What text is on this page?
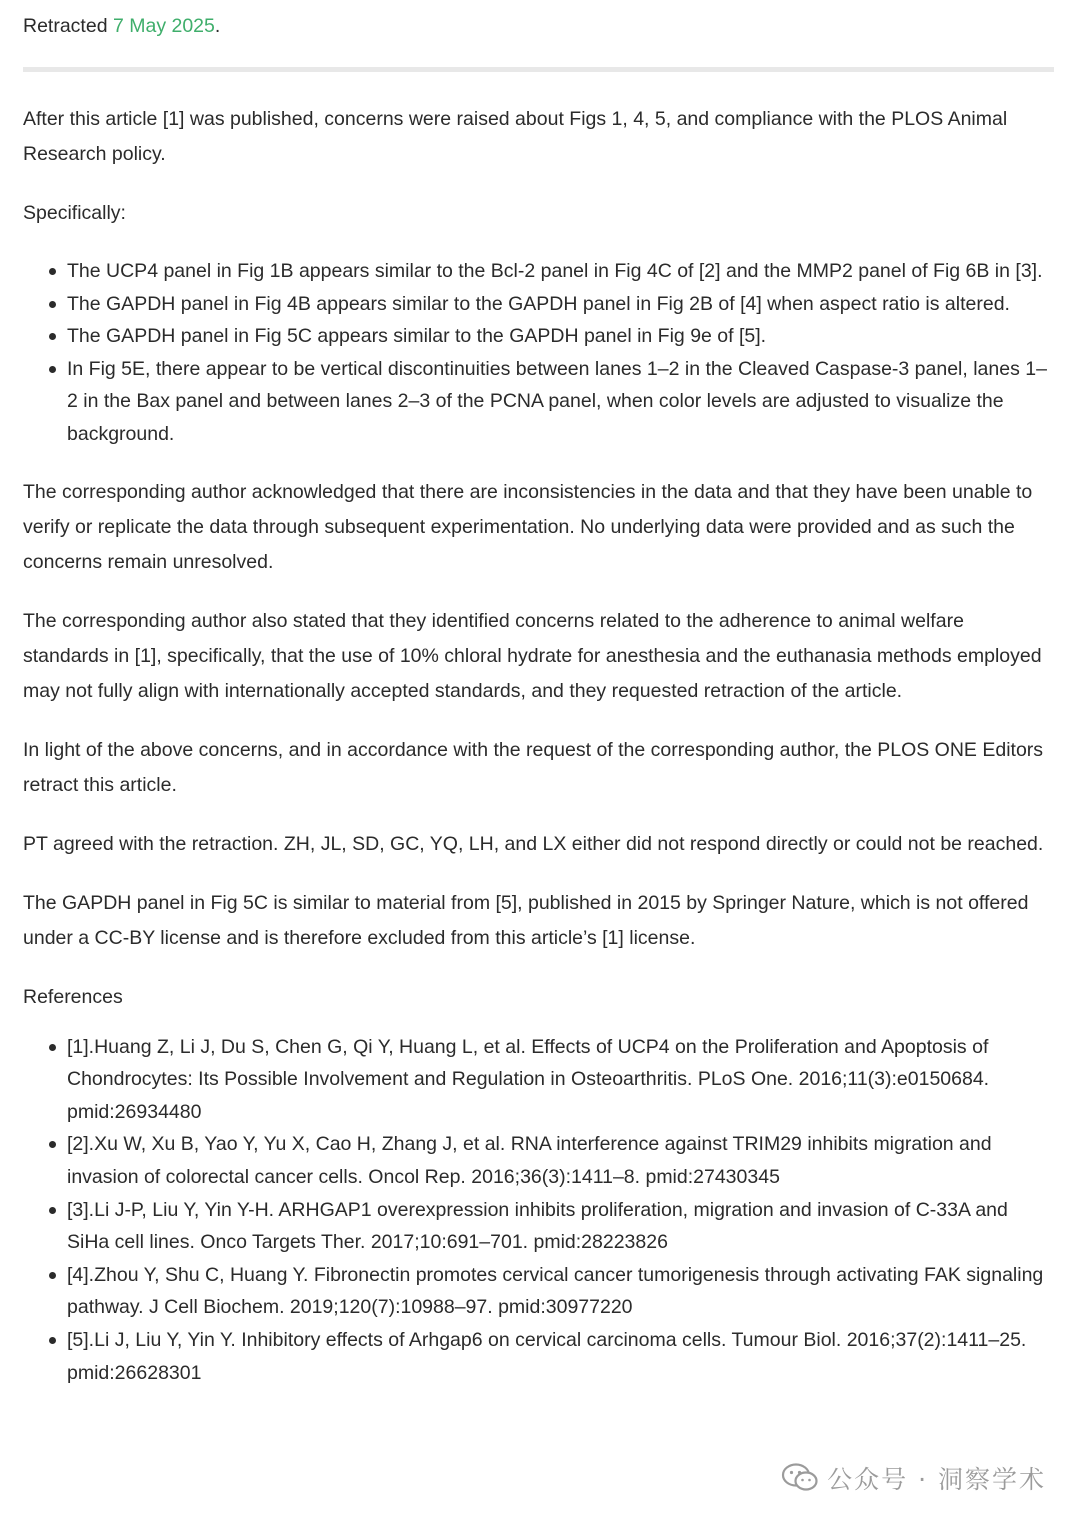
Retracted 7 May 2025.

After this article [1] was published, concerns were raised about Figs 1, 4, 5, and compliance with the PLOS Animal Research policy.

Specifically:

The UCP4 panel in Fig 1B appears similar to the Bcl-2 panel in Fig 4C of [2] and the MMP2 panel of Fig 6B in [3].
The GAPDH panel in Fig 4B appears similar to the GAPDH panel in Fig 2B of [4] when aspect ratio is altered.
The GAPDH panel in Fig 5C appears similar to the GAPDH panel in Fig 9e of [5].
In Fig 5E, there appear to be vertical discontinuities between lanes 1–2 in the Cleaved Caspase-3 panel, lanes 1–2 in the Bax panel and between lanes 2–3 of the PCNA panel, when color levels are adjusted to visualize the background.

The corresponding author acknowledged that there are inconsistencies in the data and that they have been unable to verify or replicate the data through subsequent experimentation. No underlying data were provided and as such the concerns remain unresolved.

The corresponding author also stated that they identified concerns related to the adherence to animal welfare standards in [1], specifically, that the use of 10% chloral hydrate for anesthesia and the euthanasia methods employed may not fully align with internationally accepted standards, and they requested retraction of the article.

In light of the above concerns, and in accordance with the request of the corresponding author, the PLOS ONE Editors retract this article.

PT agreed with the retraction. ZH, JL, SD, GC, YQ, LH, and LX either did not respond directly or could not be reached.

The GAPDH panel in Fig 5C is similar to material from [5], published in 2015 by Springer Nature, which is not offered under a CC-BY license and is therefore excluded from this article’s [1] license.

References

[1].Huang Z, Li J, Du S, Chen G, Qi Y, Huang L, et al. Effects of UCP4 on the Proliferation and Apoptosis of Chondrocytes: Its Possible Involvement and Regulation in Osteoarthritis. PLoS One. 2016;11(3):e0150684. pmid:26934480
[2].Xu W, Xu B, Yao Y, Yu X, Cao H, Zhang J, et al. RNA interference against TRIM29 inhibits migration and invasion of colorectal cancer cells. Oncol Rep. 2016;36(3):1411–8. pmid:27430345
[3].Li J-P, Liu Y, Yin Y-H. ARHGAP1 overexpression inhibits proliferation, migration and invasion of C-33A and SiHa cell lines. Onco Targets Ther. 2017;10:691–701. pmid:28223826
[4].Zhou Y, Shu C, Huang Y. Fibronectin promotes cervical cancer tumorigenesis through activating FAK signaling pathway. J Cell Biochem. 2019;120(7):10988–97. pmid:30977220
[5].Li J, Liu Y, Yin Y. Inhibitory effects of Arhgap6 on cervical carcinoma cells. Tumour Biol. 2016;37(2):1411–25. pmid:26628301
公众号 · 洞察学术
